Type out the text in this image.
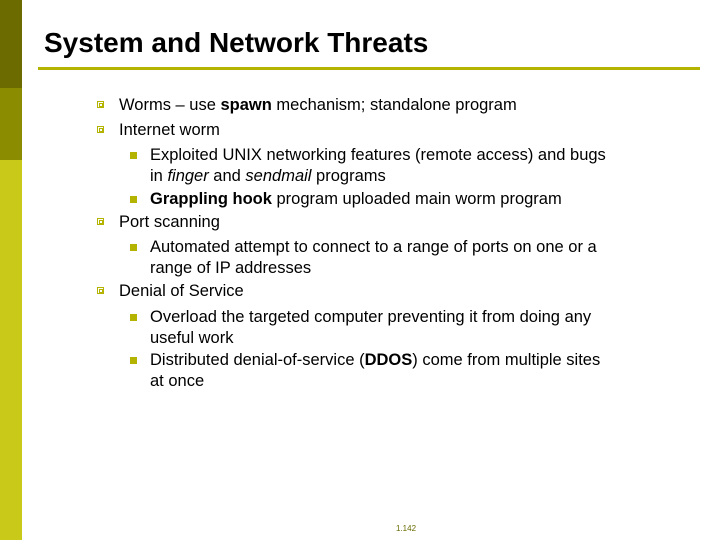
System and Network Threats
Worms – use spawn mechanism; standalone program
Internet worm
Exploited UNIX networking features (remote access) and bugs
in finger and sendmail programs
Grappling hook program uploaded main worm program
Port scanning
Automated attempt to connect to a range of ports on one or a
range of IP addresses
Denial of Service
Overload the targeted computer preventing it from doing any
useful work
Distributed denial-of-service (DDOS) come from multiple sites
at once
1.142
